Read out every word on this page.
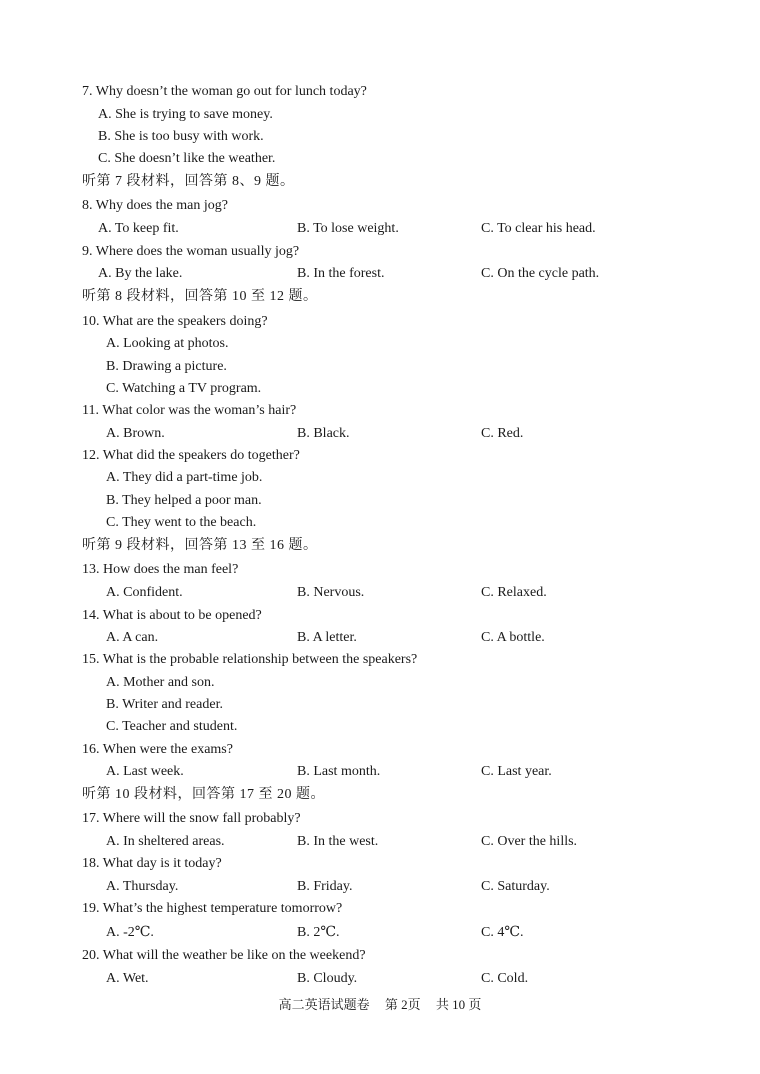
7. Why doesn’t the woman go out for lunch today?
A. She is trying to save money.
B. She is too busy with work.
C. She doesn’t like the weather.
听第 7 段材料，回答第 8、9 题。
8. Why does the man jog?
A. To keep fit.	B. To lose weight.	C. To clear his head.
9. Where does the woman usually jog?
A. By the lake.	B. In the forest.	C. On the cycle path.
听第 8 段材料，回答第 10 至 12 题。
10. What are the speakers doing?
A. Looking at photos.
B. Drawing a picture.
C. Watching a TV program.
11. What color was the woman’s hair?
A. Brown.	B. Black.	C. Red.
12. What did the speakers do together?
A. They did a part-time job.
B. They helped a poor man.
C. They went to the beach.
听第 9 段材料，回答第 13 至 16 题。
13. How does the man feel?
A. Confident.	B. Nervous.	C. Relaxed.
14. What is about to be opened?
A. A can.	B. A letter.	C. A bottle.
15. What is the probable relationship between the speakers?
A. Mother and son.
B. Writer and reader.
C. Teacher and student.
16. When were the exams?
A. Last week.	B. Last month.	C. Last year.
听第 10 段材料，回答第 17 至 20 题。
17. Where will the snow fall probably?
A. In sheltered areas.	B. In the west.	C. Over the hills.
18. What day is it today?
A. Thursday.	B. Friday.	C. Saturday.
19. What’s the highest temperature tomorrow?
A. -2℃.	B. 2℃.	C. 4℃.
20. What will the weather be like on the weekend?
A. Wet.	B. Cloudy.	C. Cold.
高二英语试题卷 第 2页 共 10 页
